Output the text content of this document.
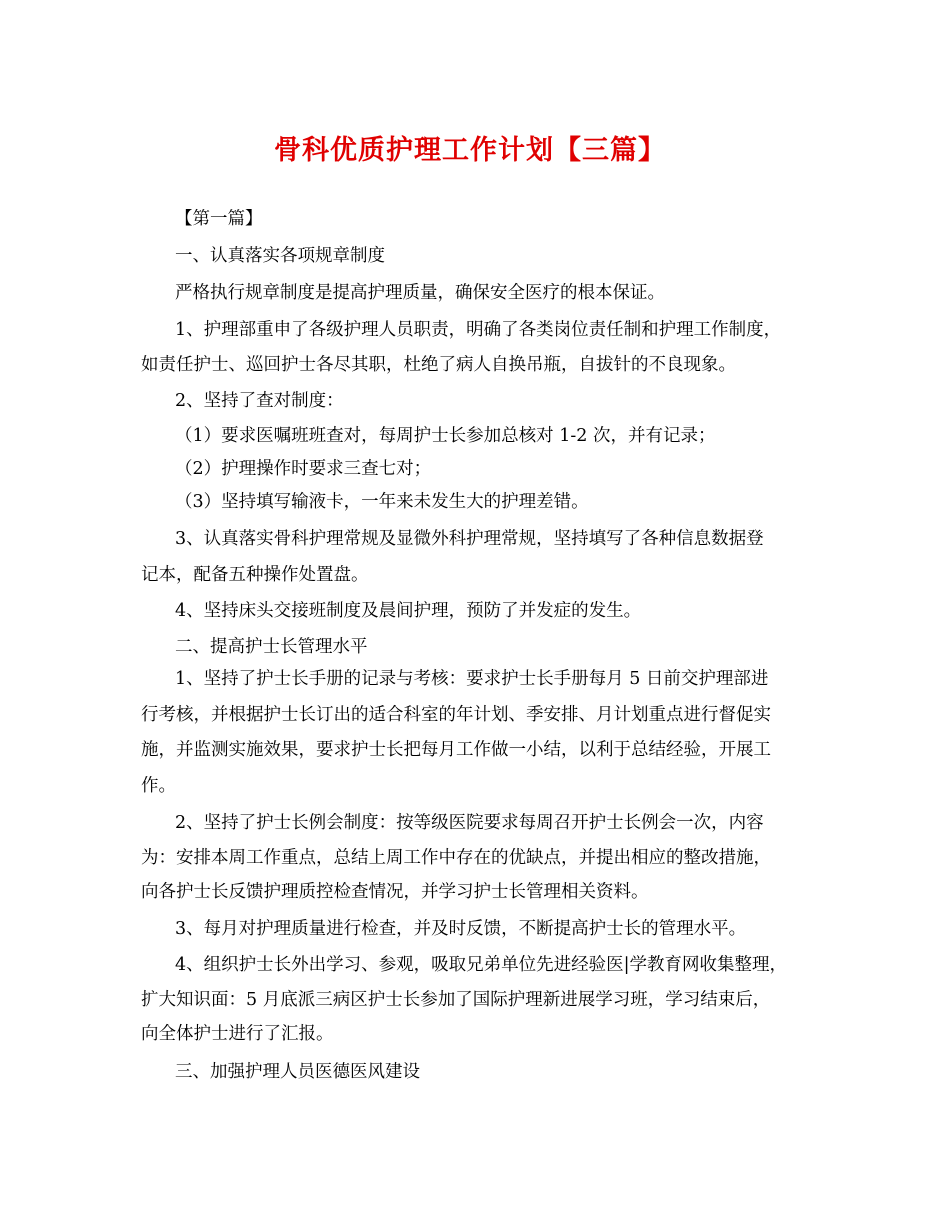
骨科优质护理工作计划【三篇】
【第一篇】
一、认真落实各项规章制度
严格执行规章制度是提高护理质量，确保安全医疗的根本保证。
1、护理部重申了各级护理人员职责，明确了各类岗位责任制和护理工作制度，
如责任护士、巡回护士各尽其职，杜绝了病人自换吊瓶，自拔针的不良现象。
2、坚持了查对制度：
（1）要求医嘱班班查对，每周护士长参加总核对 1-2 次，并有记录；
（2）护理操作时要求三查七对；
（3）坚持填写输液卡，一年来未发生大的护理差错。
3、认真落实骨科护理常规及显微外科护理常规，坚持填写了各种信息数据登
记本，配备五种操作处置盘。
4、坚持床头交接班制度及晨间护理，预防了并发症的发生。
二、提高护士长管理水平
1、坚持了护士长手册的记录与考核：要求护士长手册每月 5 日前交护理部进
行考核，并根据护士长订出的适合科室的年计划、季安排、月计划重点进行督促实
施，并监测实施效果，要求护士长把每月工作做一小结，以利于总结经验，开展工
作。
2、坚持了护士长例会制度：按等级医院要求每周召开护士长例会一次，内容
为：安排本周工作重点，总结上周工作中存在的优缺点，并提出相应的整改措施，
向各护士长反馈护理质控检查情况，并学习护士长管理相关资料。
3、每月对护理质量进行检查，并及时反馈，不断提高护士长的管理水平。
4、组织护士长外出学习、参观，吸取兄弟单位先进经验医|学教育网收集整理，
扩大知识面：5 月底派三病区护士长参加了国际护理新进展学习班，学习结束后，
向全体护士进行了汇报。
三、加强护理人员医德医风建设
